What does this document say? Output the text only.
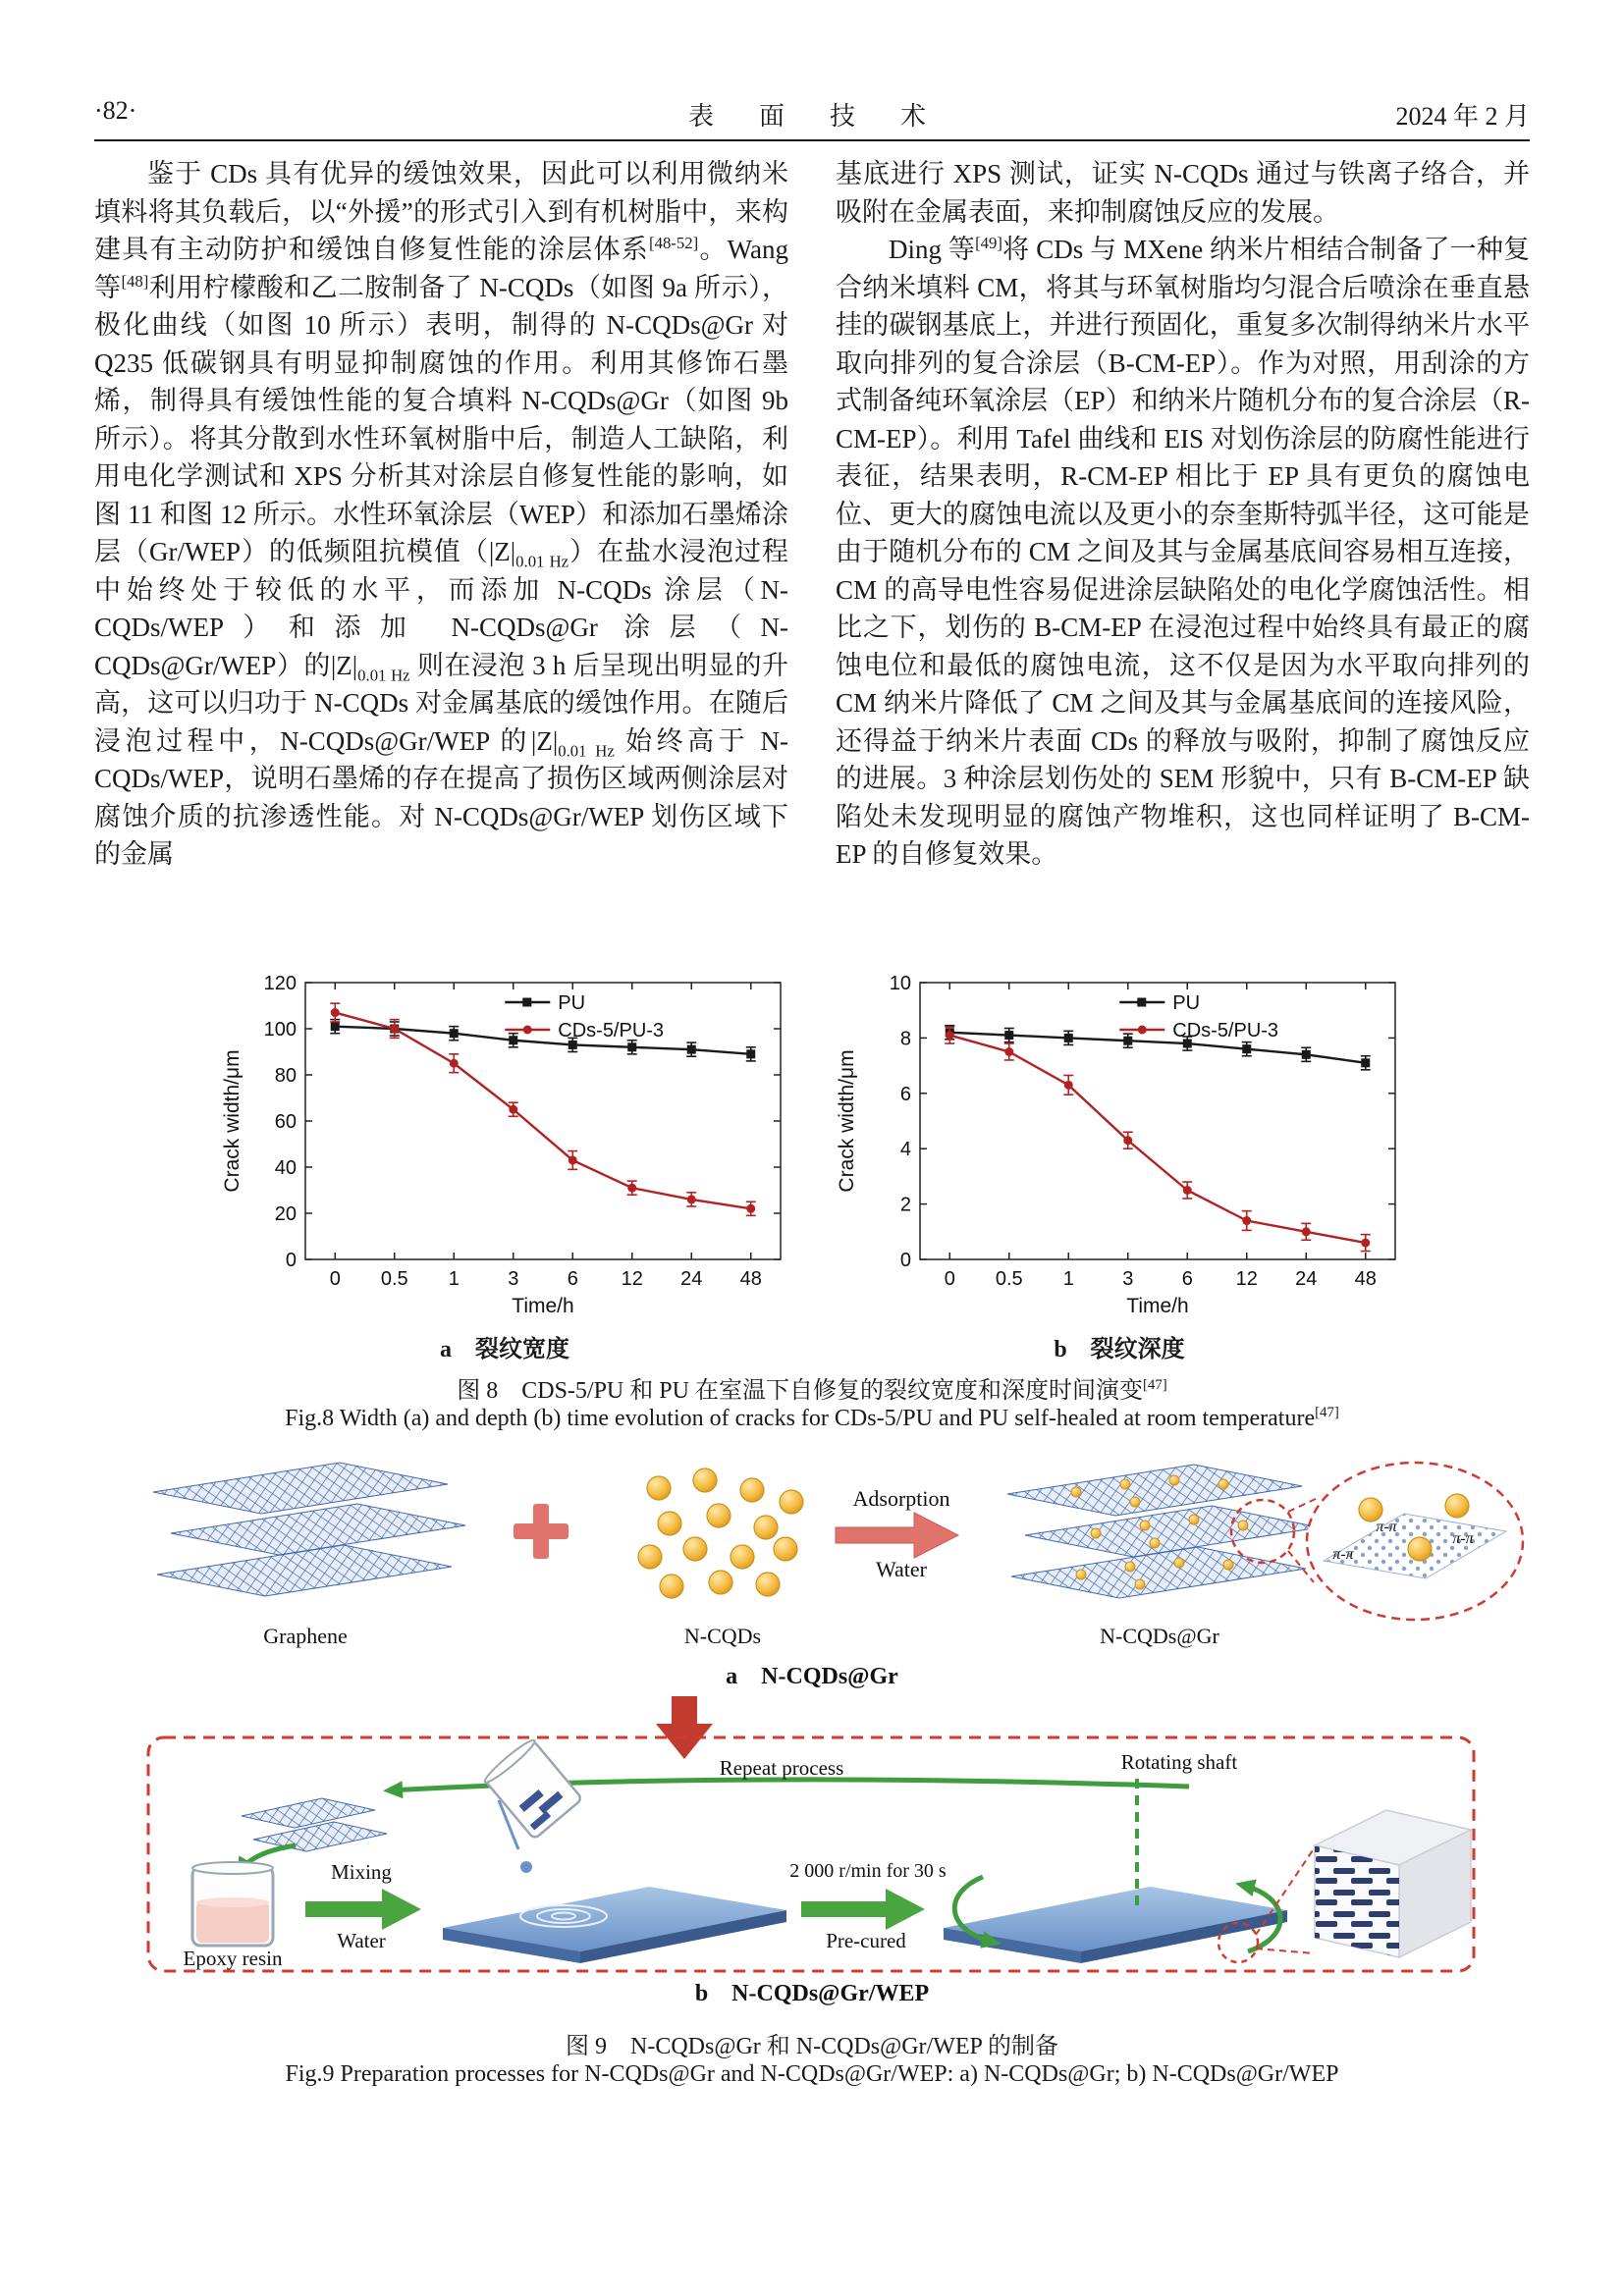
·82·	表　面　技　术	2024 年 2 月

鉴于 CDs 具有优异的缓蚀效果，因此可以利用微纳米填料将其负载后，以“外援”的形式引入到有机树脂中，来构建具有主动防护和缓蚀自修复性能的涂层体系[48-52]。Wang 等[48]利用柠檬酸和乙二胺制备了 N-CQDs（如图 9a 所示），极化曲线（如图 10 所示）表明，制得的 N-CQDs@Gr 对 Q235 低碳钢具有明显抑制腐蚀的作用。利用其修饰石墨烯，制得具有缓蚀性能的复合填料 N-CQDs@Gr（如图 9b 所示）。将其分散到水性环氧树脂中后，制造人工缺陷，利用电化学测试和 XPS 分析其对涂层自修复性能的影响，如图 11 和图 12 所示。水性环氧涂层（WEP）和添加石墨烯涂层（Gr/WEP）的低频阻抗模值$(|Z|_{0.01 Hz})$在盐水浸泡过程中始终处于较低的水平，而添加 N-CQDs 涂层（N-CQDs/WEP）和添加 N-CQDs@Gr 涂层（N-CQDs@Gr/WEP）的$|Z|_{0.01 Hz}$ 则在浸泡 3 h 后呈现出明显的升高，这可以归功于 N-CQDs 对金属基底的缓蚀作用。在随后浸泡过程中，N-CQDs@Gr/WEP 的$|Z|_{0.01 Hz}$ 始终高于 N-CQDs/WEP，说明石墨烯的存在提高了损伤区域两侧涂层对腐蚀介质的抗渗透性能。对 N-CQDs@Gr/WEP 划伤区域下的金属

基底进行 XPS 测试，证实 N-CQDs 通过与铁离子络合，并吸附在金属表面，来抑制腐蚀反应的发展。

Ding 等[49]将 CDs 与 MXene 纳米片相结合制备了一种复合纳米填料 CM，将其与环氧树脂均匀混合后喷涂在垂直悬挂的碳钢基底上，并进行预固化，重复多次制得纳米片水平取向排列的复合涂层（B-CM-EP）。作为对照，用刮涂的方式制备纯环氧涂层（EP）和纳米片随机分布的复合涂层（R-CM-EP）。利用 Tafel 曲线和 EIS 对划伤涂层的防腐性能进行表征，结果表明，R-CM-EP 相比于 EP 具有更负的腐蚀电位、更大的腐蚀电流以及更小的奈奎斯特弧半径，这可能是由于随机分布的 CM 之间及其与金属基底间容易相互连接，CM 的高导电性容易促进涂层缺陷处的电化学腐蚀活性。相比之下，划伤的 B-CM-EP 在浸泡过程中始终具有最正的腐蚀电位和最低的腐蚀电流，这不仅是因为水平取向排列的 CM 纳米片降低了 CM 之间及其与金属基底间的连接风险，还得益于纳米片表面 CDs 的释放与吸附，抑制了腐蚀反应的进展。3 种涂层划伤处的 SEM 形貌中，只有 B-CM-EP 缺陷处未发现明显的腐蚀产物堆积，这也同样证明了 B-CM-EP 的自修复效果。

0
20
40
60
80
100
120
0 0.5 1 3 6 12 24 48
Time/h
Crack width/μm
PU
CDs-5/PU-3
0
2
4
6
8
10
0 0.5 1 3 6 12 24 48
Time/h
Crack width/μm
PU
CDs-5/PU-3
a　裂纹宽度	b　裂纹深度
图 8　CDS-5/PU 和 PU 在室温下自修复的裂纹宽度和深度时间演变[47]
Fig.8 Width (a) and depth (b) time evolution of cracks for CDs-5/PU and PU self-healed at room temperature[47]
Graphene	N-CQDs
Adsorption
Water
N-CQDs@Gr
π-π
π-π
π-π
a　N-CQDs@Gr
Repeat process
Epoxy resin
Mixing
Water
2 000 r/min for 30 s
Pre-cured
Rotating shaft
b　N-CQDs@Gr/WEP
图 9　N-CQDs@Gr 和 N-CQDs@Gr/WEP 的制备
Fig.9 Preparation processes for N-CQDs@Gr and N-CQDs@Gr/WEP: a) N-CQDs@Gr; b) N-CQDs@Gr/WEP
